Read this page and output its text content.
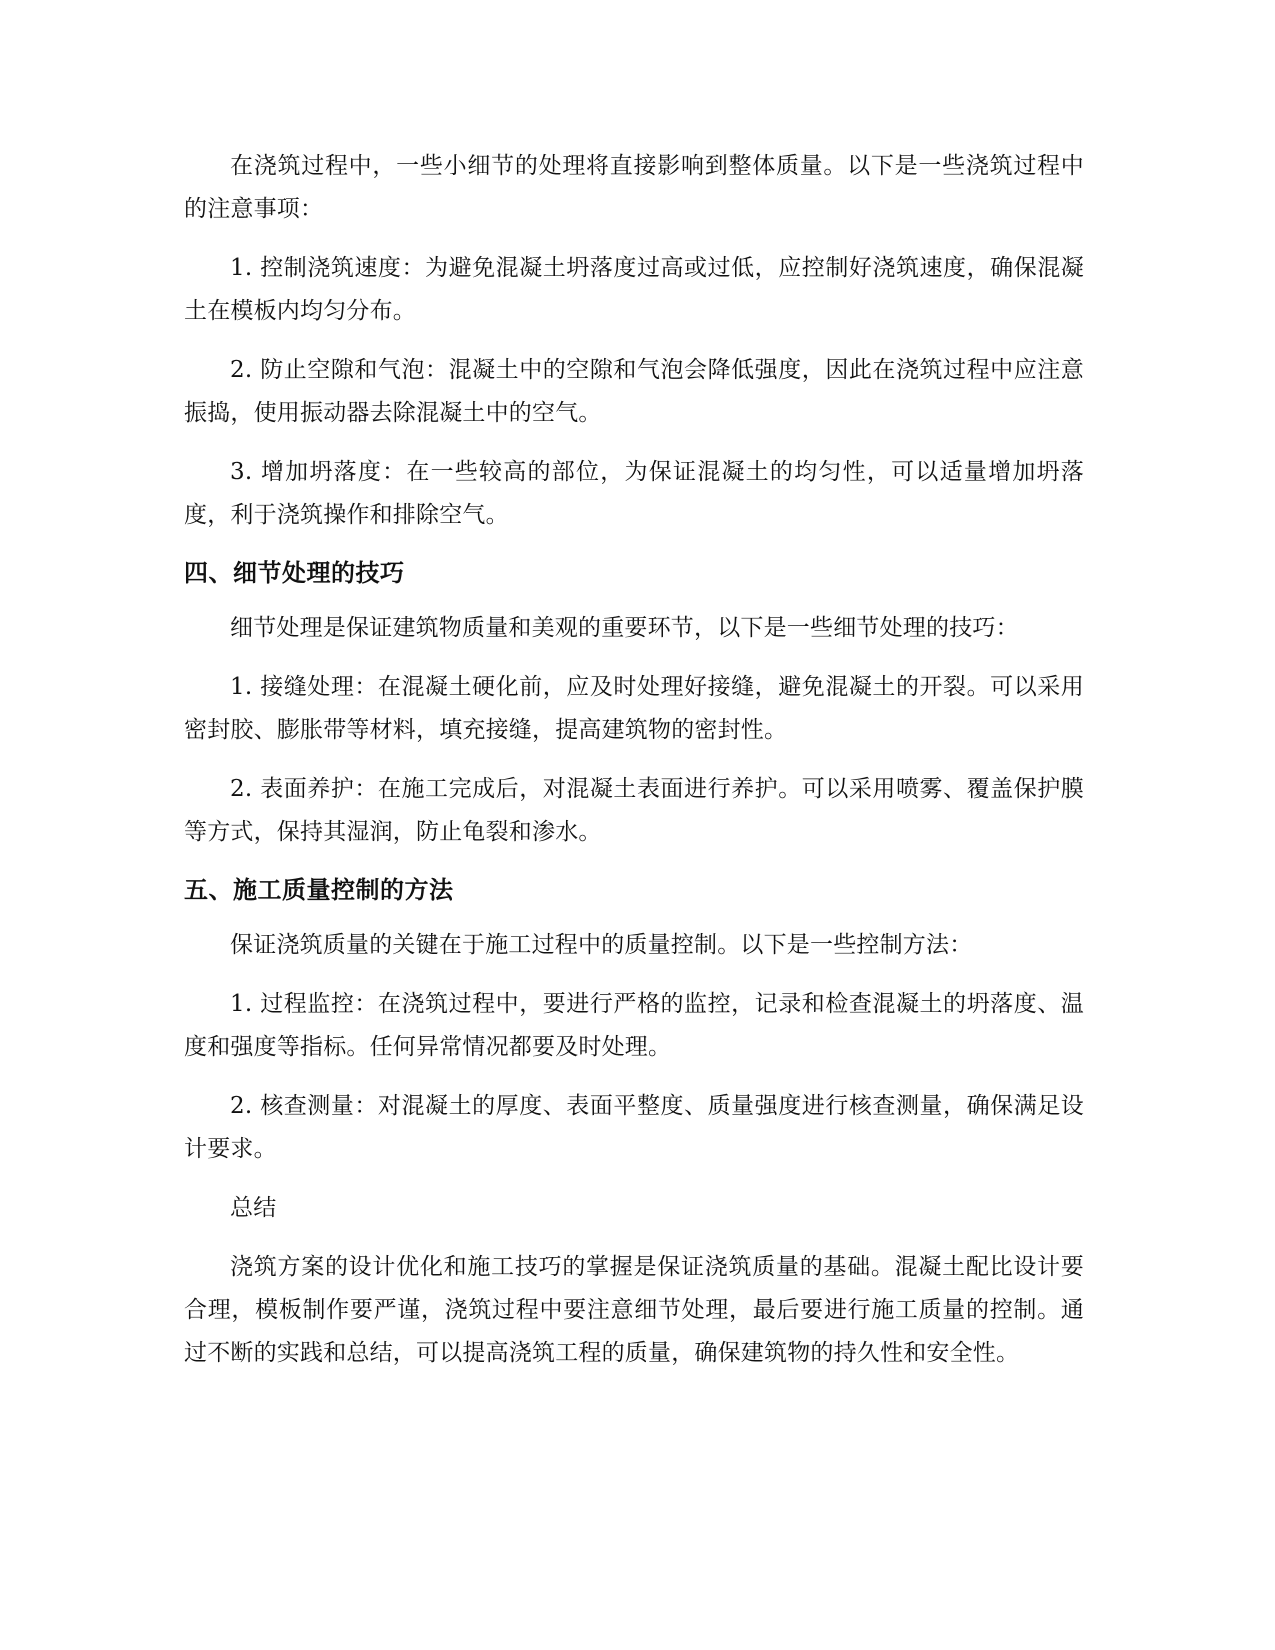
在浇筑过程中，一些小细节的处理将直接影响到整体质量。以下是一些浇筑过程中的注意事项：

1. 控制浇筑速度：为避免混凝土坍落度过高或过低，应控制好浇筑速度，确保混凝土在模板内均匀分布。

2. 防止空隙和气泡：混凝土中的空隙和气泡会降低强度，因此在浇筑过程中应注意振捣，使用振动器去除混凝土中的空气。

3. 增加坍落度：在一些较高的部位，为保证混凝土的均匀性，可以适量增加坍落度，利于浇筑操作和排除空气。

四、细节处理的技巧

细节处理是保证建筑物质量和美观的重要环节，以下是一些细节处理的技巧：

1. 接缝处理：在混凝土硬化前，应及时处理好接缝，避免混凝土的开裂。可以采用密封胶、膨胀带等材料，填充接缝，提高建筑物的密封性。

2. 表面养护：在施工完成后，对混凝土表面进行养护。可以采用喷雾、覆盖保护膜等方式，保持其湿润，防止龟裂和渗水。

五、施工质量控制的方法

保证浇筑质量的关键在于施工过程中的质量控制。以下是一些控制方法：

1. 过程监控：在浇筑过程中，要进行严格的监控，记录和检查混凝土的坍落度、温度和强度等指标。任何异常情况都要及时处理。

2. 核查测量：对混凝土的厚度、表面平整度、质量强度进行核查测量，确保满足设计要求。

总结

浇筑方案的设计优化和施工技巧的掌握是保证浇筑质量的基础。混凝土配比设计要合理，模板制作要严谨，浇筑过程中要注意细节处理，最后要进行施工质量的控制。通过不断的实践和总结，可以提高浇筑工程的质量，确保建筑物的持久性和安全性。
